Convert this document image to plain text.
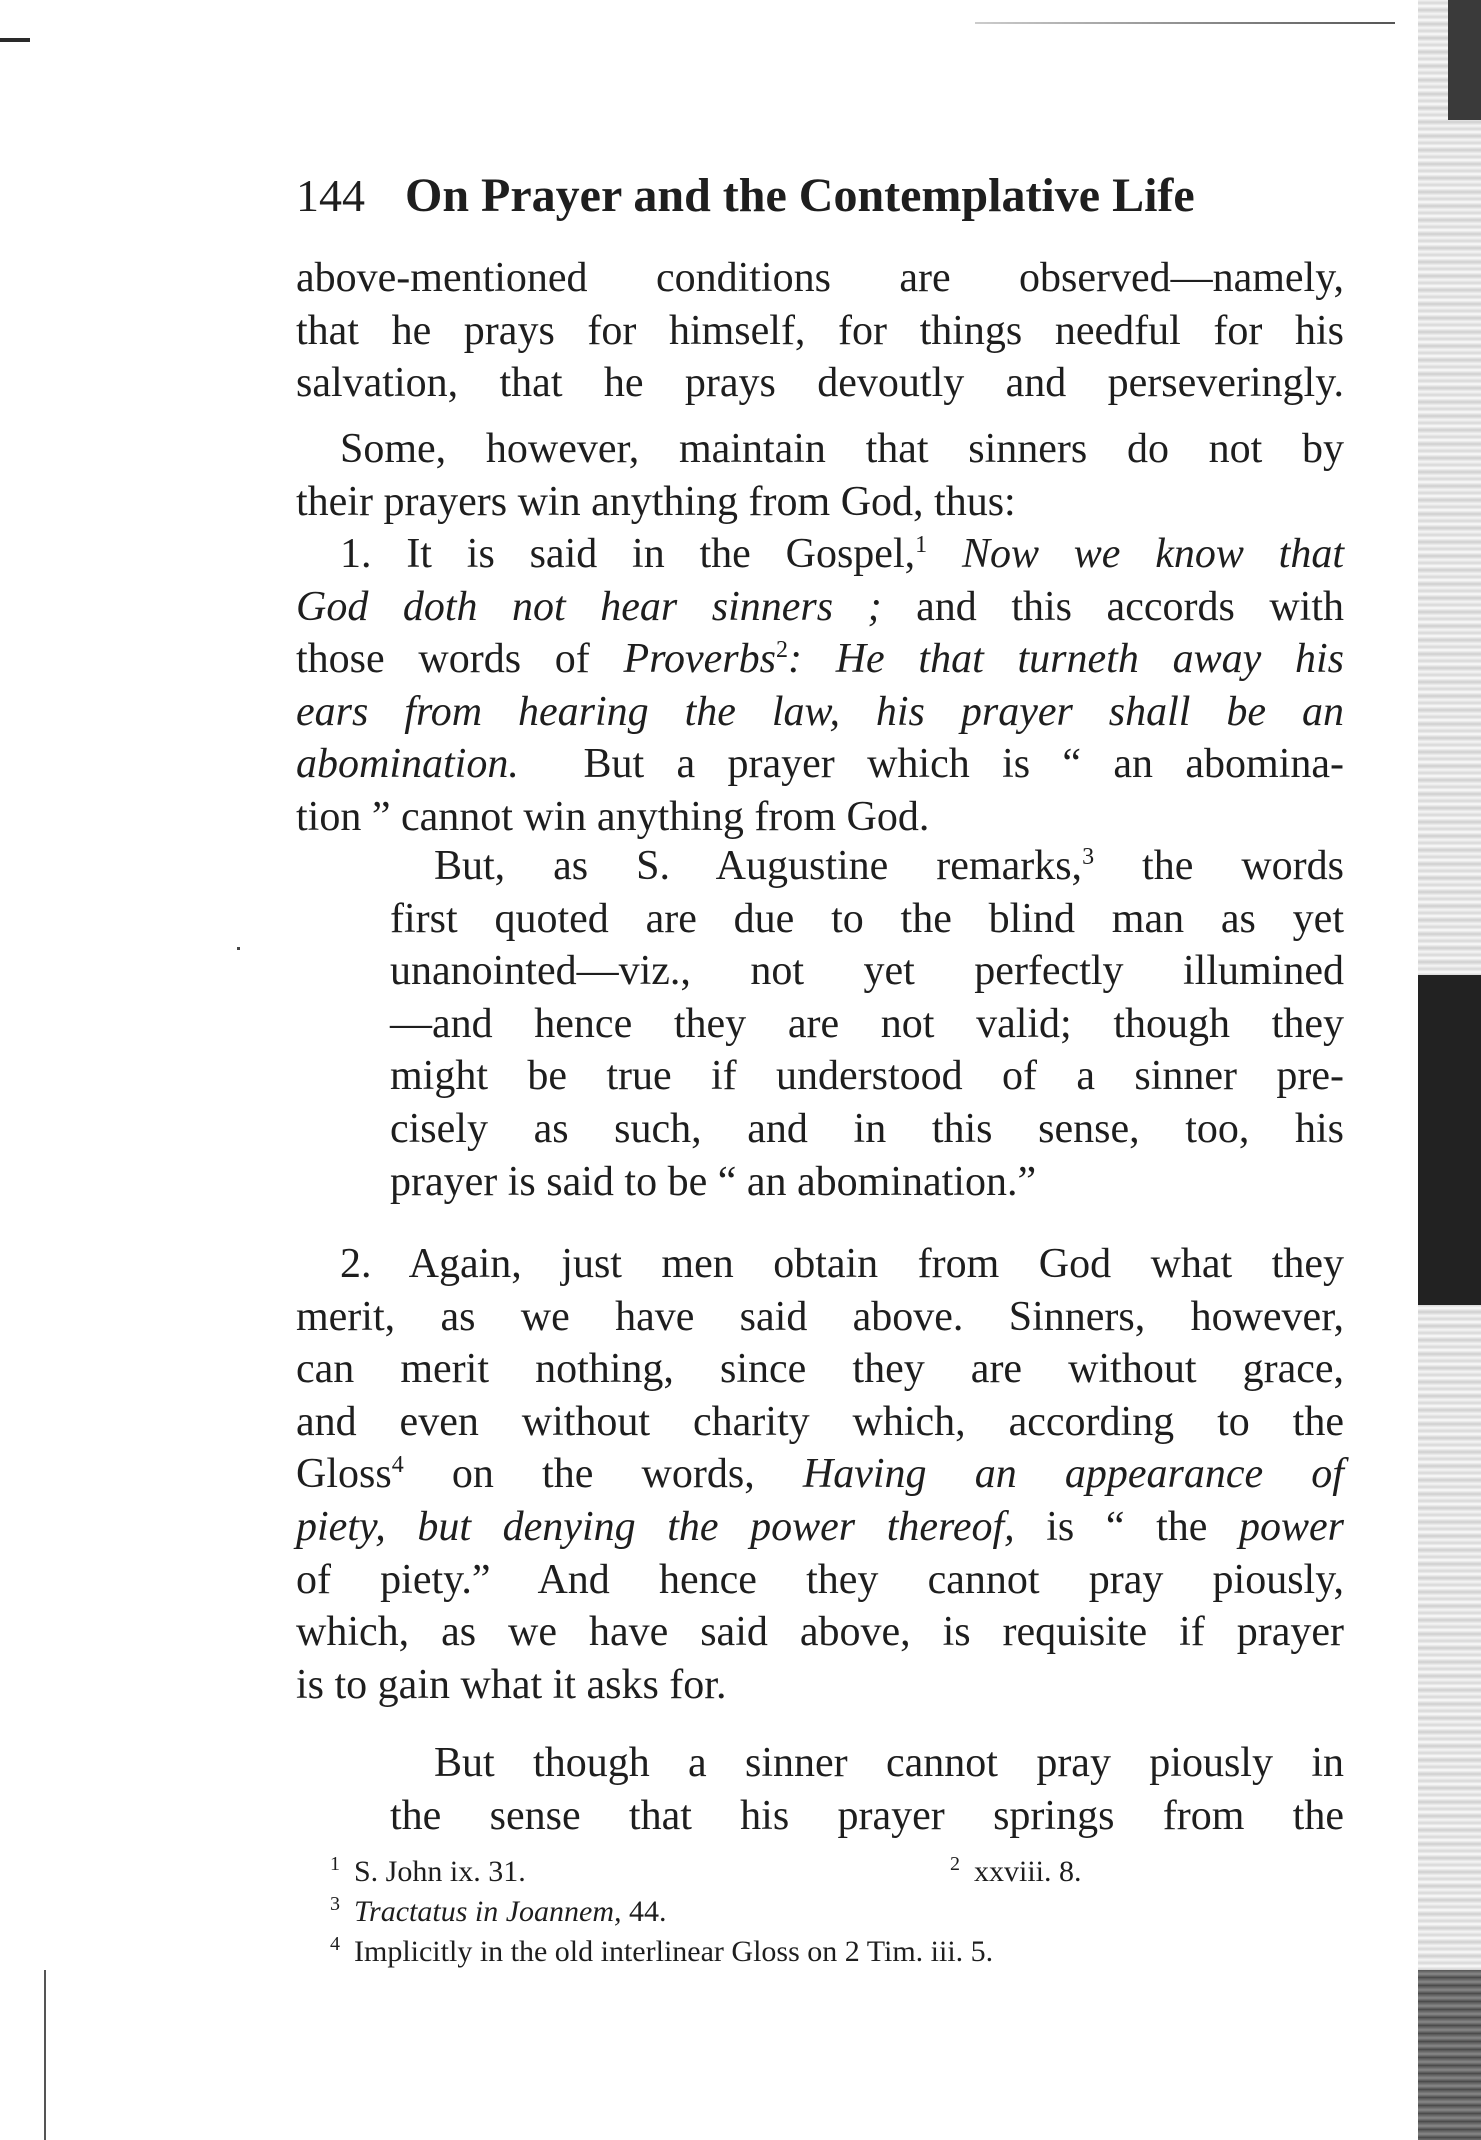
144 On Prayer and the Contemplative Life
above-mentioned conditions are observed—namely,
that he prays for himself, for things needful for his
salvation, that he prays devoutly and perseveringly.
Some, however, maintain that sinners do not by
their prayers win anything from God, thus:
1. It is said in the Gospel,$^1$ Now we know that
God doth not hear sinners ; and this accords with
those words of Proverbs$^2$: He that turneth away his
ears from hearing the law, his prayer shall be an
abomination. But a prayer which is “ an abomina-
tion ” cannot win anything from God.
But, as S. Augustine remarks,$^3$ the words
first quoted are due to the blind man as yet
unanointed—viz., not yet perfectly illumined
—and hence they are not valid; though they
might be true if understood of a sinner pre-
cisely as such, and in this sense, too, his
prayer is said to be “ an abomination.”
2. Again, just men obtain from God what they
merit, as we have said above. Sinners, however,
can merit nothing, since they are without grace,
and even without charity which, according to the
Gloss$^4$ on the words, Having an appearance of
piety, but denying the power thereof, is “ the power
of piety.” And hence they cannot pray piously,
which, as we have said above, is requisite if prayer
is to gain what it asks for.
But though a sinner cannot pray piously in
the sense that his prayer springs from the
$^1$ S. John ix. 31.	$^2$ xxviii. 8.
$^3$ Tractatus in Joannem, 44.
$^4$ Implicitly in the old interlinear Gloss on 2 Tim. iii. 5.
